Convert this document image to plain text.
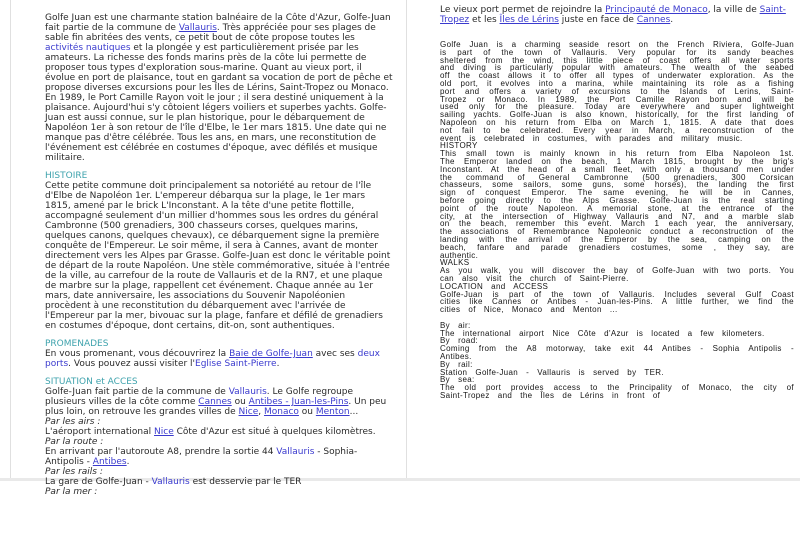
Golfe Juan est une charmante station balnéaire de la Côte d'Azur, Golfe-Juan fait partie de la commune de Vallauris. Très appréciée pour ses plages de sable fin abritées des vents, ce petit bout de côte propose toutes les activités nautiques et la plongée y est particulièrement prisée par les amateurs. La richesse des fonds marins près de la côte lui permette de proposer tous types d'exploration sous-marine. Quant au vieux port, il évolue en port de plaisance, tout en gardant sa vocation de port de pêche et propose diverses excursions pour les Îles de Lérins, Saint-Tropez ou Monaco. En 1989, le Port Camille Rayon voit le jour ; il sera destiné uniquement à la plaisance. Aujourd'hui s'y côtoient légers voiliers et superbes yachts. Golfe-Juan est aussi connue, sur le plan historique, pour le débarquement de Napoléon 1er à son retour de l'île d'Elbe, le 1er mars 1815. Une date qui ne manque pas d'être célébrée. Tous les ans, en mars, une reconstitution de l'événement est célébrée en costumes d'époque, avec défilés et musique militaire.
HISTOIRE
Cette petite commune doit principalement sa notoriété au retour de l'île d'Elbe de Napoléon 1er. L'empereur débarqua sur la plage, le 1er mars 1815, amené par le brick L'Inconstant. A la tête d'une petite flottille, accompagné seulement d'un millier d'hommes sous les ordres du général Cambronne (500 grenadiers, 300 chasseurs corses, quelques marins, quelques canons, quelques chevaux), ce débarquement signe la première conquête de l'Empereur. Le soir même, il sera à Cannes, avant de monter directement vers les Alpes par Grasse. Golfe-Juan est donc le véritable point de départ de la route Napoléon. Une stèle commémorative, située à l'entrée de la ville, au carrefour de la route de Vallauris et de la RN7, et une plaque de marbre sur la plage, rappellent cet événement. Chaque année au 1er mars, date anniversaire, les associations du Souvenir Napoléonien procèdent à une reconstitution du débarquement avec l'arrivée de l'Empereur par la mer, bivouac sur la plage, fanfare et défilé de grenadiers en costumes d'époque, dont certains, dit-on, sont authentiques.
PROMENADES
En vous promenant, vous découvrirez la Baie de Golfe-Juan avec ses deux ports. Vous pouvez aussi visiter l'Eglise Saint-Pierre.
SITUATION et ACCES
Golfe-Juan fait partie de la commune de Vallauris. Le Golfe regroupe plusieurs villes de la côte comme Cannes ou Antibes - Juan-les-Pins. Un peu plus loin, on retrouve les grandes villes de Nice, Monaco ou Menton...
Par les airs :
L'aéroport international Nice Côte d'Azur est situé à quelques kilomètres.
Par la route :
En arrivant par l'autoroute A8, prendre la sortie 44 Vallauris - Sophia-Antipolis - Antibes.
Par les rails :
La gare de Golfe-Juan - Vallauris est desservie par le TER
Par la mer :
Le vieux port permet de rejoindre la Principauté de Monaco, la ville de Saint-Tropez et les Îles de Lérins juste en face de Cannes.
Golfe Juan is a charming seaside resort on the French Riviera, Golfe-Juan is part of the town of Vallauris. Very popular for its sandy beaches sheltered from the wind, this little piece of coast offers all water sports and diving is particularly popular with amateurs. The wealth of the seabed off the coast allows it to offer all types of underwater exploration. As the old port, it evolves into a marina, while maintaining its role as a fishing port and offers a variety of excursions to the Islands of Lerins, Saint-Tropez or Monaco. In 1989, the Port Camille Rayon born and will be used only for the pleasure. Today are everywhere and super lightweight sailing yachts. Golfe-Juan is also known, historically, for the first landing of Napoleon on his return from Elba on March 1, 1815. A date that does not fail to be celebrated. Every year in March, a reconstruction of the event is celebrated in costumes, with parades and military music.
HISTORY
This small town is mainly known in his return from Elba Napoleon 1st. The Emperor landed on the beach, 1 March 1815, brought by the brig's Inconstant. At the head of a small fleet, with only a thousand men under the command of General Cambronne (500 grenadiers, 300 Corsican chasseurs, some sailors, some guns, some horses), the landing the first sign of conquest Emperor. The same evening, he will be in Cannes, before going directly to the Alps Grasse. Golfe-Juan is the real starting point of the route Napoleon. A memorial stone, at the entrance of the city, at the intersection of Highway Vallauris and N7, and a marble slab on the beach, remember this event. March 1 each year, the anniversary, the associations of Remembrance Napoleonic conduct a reconstruction of the landing with the arrival of the Emperor by the sea, camping on the beach, fanfare and parade grenadiers costumes, some , they say, are authentic.
WALKS
As you walk, you will discover the bay of Golfe-Juan with two ports. You can also visit the church of Saint-Pierre.
LOCATION and ACCESS
Golfe-Juan is part of the town of Vallauris. Includes several Gulf Coast cities like Cannes or Antibes - Juan-les-Pins. A little further, we find the cities of Nice, Monaco and Menton ...
By air:
The international airport Nice Côte d'Azur is located a few kilometers.
By road:
Coming from the A8 motorway, take exit 44 Antibes - Sophia Antipolis - Antibes.
By rail:
Station Golfe-Juan - Vallauris is served by TER.
By sea:
The old port provides access to the Principality of Monaco, the city of Saint-Tropez and the Îles de Lérins in front of
